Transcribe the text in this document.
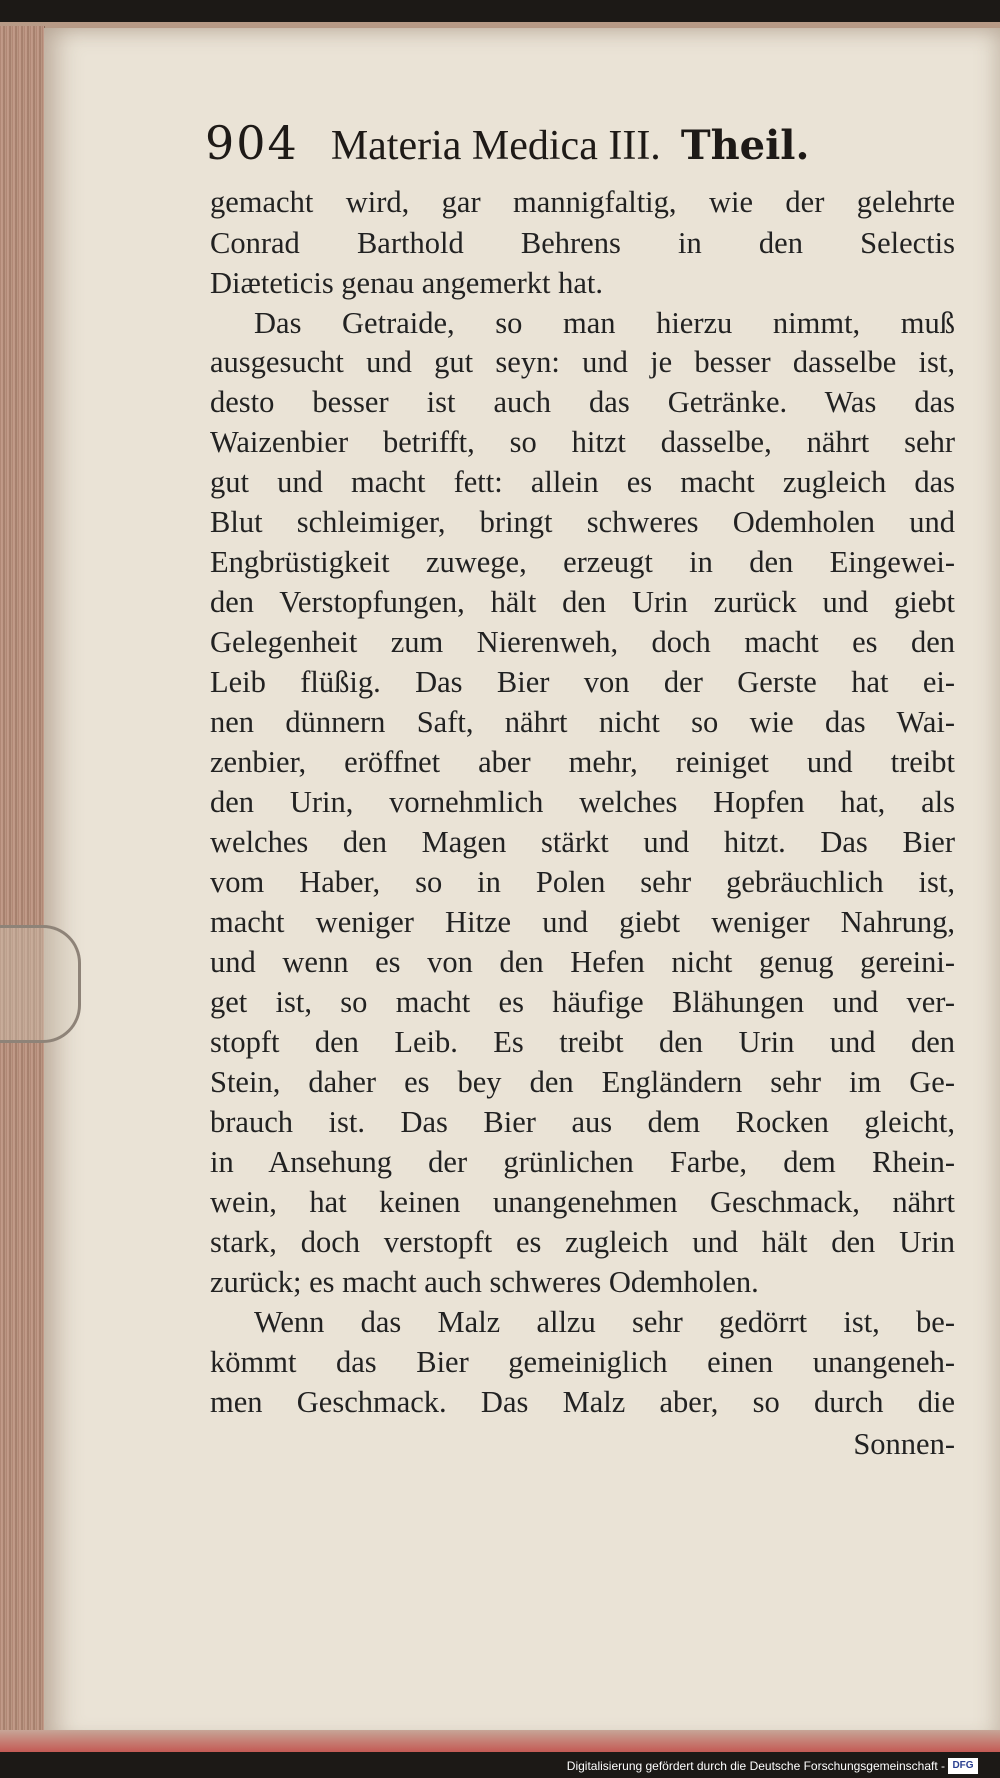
904 Materia Medica III. Theil.
gemacht wird, gar mannigfaltig, wie der gelehrte
Conrad Barthold Behrens in den Selectis
Diæteticis genau angemerkt hat.
Das Getraide, so man hierzu nimmt, muß
ausgesucht und gut seyn: und je besser dasselbe ist,
desto besser ist auch das Getränke. Was das
Waizenbier betrifft, so hitzt dasselbe, nährt sehr
gut und macht fett: allein es macht zugleich das
Blut schleimiger, bringt schweres Odemholen und
Engbrüstigkeit zuwege, erzeugt in den Eingewei-
den Verstopfungen, hält den Urin zurück und giebt
Gelegenheit zum Nierenweh, doch macht es den
Leib flüßig. Das Bier von der Gerste hat ei-
nen dünnern Saft, nährt nicht so wie das Wai-
zenbier, eröffnet aber mehr, reiniget und treibt
den Urin, vornehmlich welches Hopfen hat, als
welches den Magen stärkt und hitzt. Das Bier
vom Haber, so in Polen sehr gebräuchlich ist,
macht weniger Hitze und giebt weniger Nahrung,
und wenn es von den Hefen nicht genug gereini-
get ist, so macht es häufige Blähungen und ver-
stopft den Leib. Es treibt den Urin und den
Stein, daher es bey den Engländern sehr im Ge-
brauch ist. Das Bier aus dem Rocken gleicht,
in Ansehung der grünlichen Farbe, dem Rhein-
wein, hat keinen unangenehmen Geschmack, nährt
stark, doch verstopft es zugleich und hält den Urin
zurück; es macht auch schweres Odemholen.
Wenn das Malz allzu sehr gedörrt ist, be-
kömmt das Bier gemeiniglich einen unangeneh-
men Geschmack. Das Malz aber, so durch die
Sonnen-
Digitalisierung gefördert durch die Deutsche Forschungsgemeinschaft - DFG
